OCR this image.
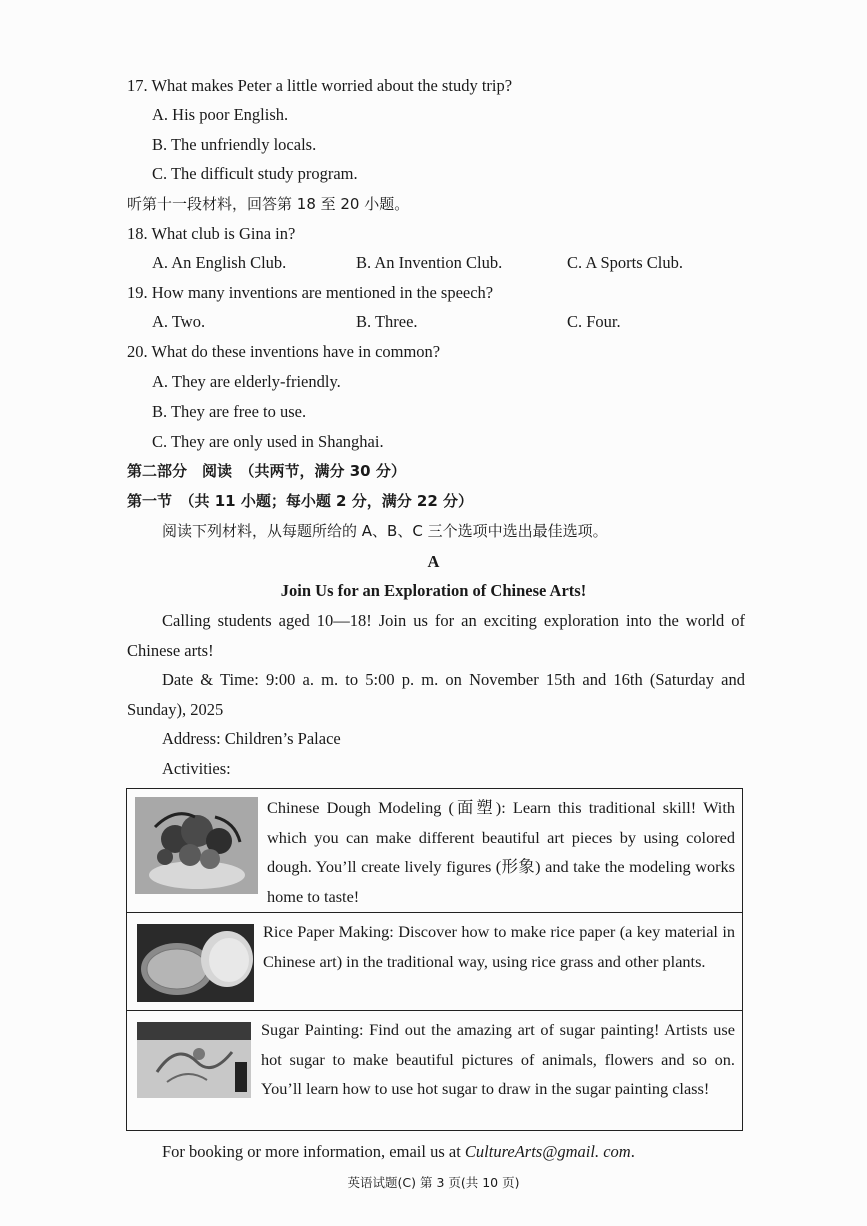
17. What makes Peter a little worried about the study trip?
A. His poor English.
B. The unfriendly locals.
C. The difficult study program.
听第十一段材料，回答第 18 至 20 小题。
18. What club is Gina in?
A. An English Club.	B. An Invention Club.	C. A Sports Club.
19. How many inventions are mentioned in the speech?
A. Two.	B. Three.	C. Four.
20. What do these inventions have in common?
A. They are elderly-friendly.
B. They are free to use.
C. They are only used in Shanghai.
第二部分　阅读　（共两节，满分 30 分）
第一节　（共 11 小题；每小题 2 分，满分 22 分）
阅读下列材料，从每题所给的 A、B、C 三个选项中选出最佳选项。
A
Join Us for an Exploration of Chinese Arts!
Calling students aged 10—18! Join us for an exciting exploration into the world of Chinese arts!
Date & Time: 9:00 a. m. to 5:00 p. m. on November 15th and 16th (Saturday and Sunday), 2025
Address: Children’s Palace
Activities:
Chinese Dough Modeling (面塑): Learn this traditional skill! With which you can make different beautiful art pieces by using colored dough. You’ll create lively figures (形象) and take the modeling works home to taste!
Rice Paper Making: Discover how to make rice paper (a key material in Chinese art) in the traditional way, using rice grass and other plants.
Sugar Painting: Find out the amazing art of sugar painting! Artists use hot sugar to make beautiful pictures of animals, flowers and so on. You’ll learn how to use hot sugar to draw in the sugar painting class!
For booking or more information, email us at CultureArts@gmail. com.
英语试题(C) 第 3 页(共 10 页)
